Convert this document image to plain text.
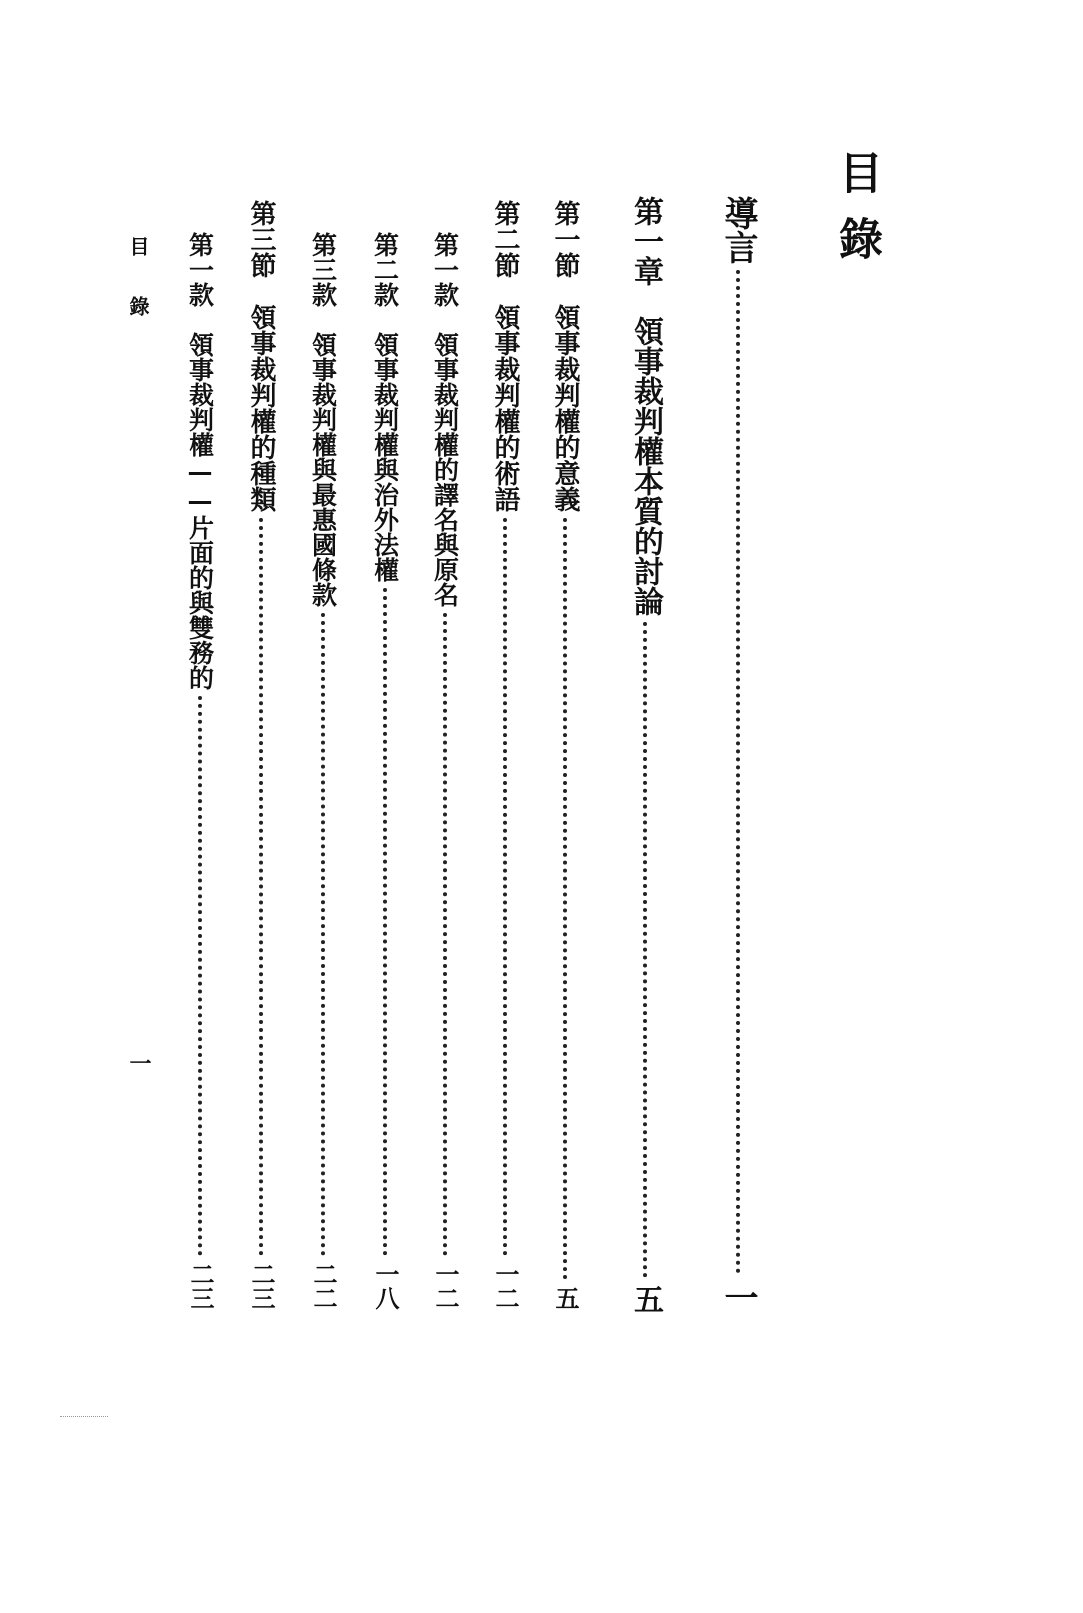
目錄
導言
一
第一章　領事裁判權本質的討論
五
第一節　領事裁判權的意義
五
第二節　領事裁判權的術語
一二
第一款　領事裁判權的譯名與原名
一二
第二款　領事裁判權與治外法權
一八
第三款　領事裁判權與最惠國條款
二二
第三節　領事裁判權的種類
二三
第一款　領事裁判權——片面的與雙務的
二三
目錄
一
